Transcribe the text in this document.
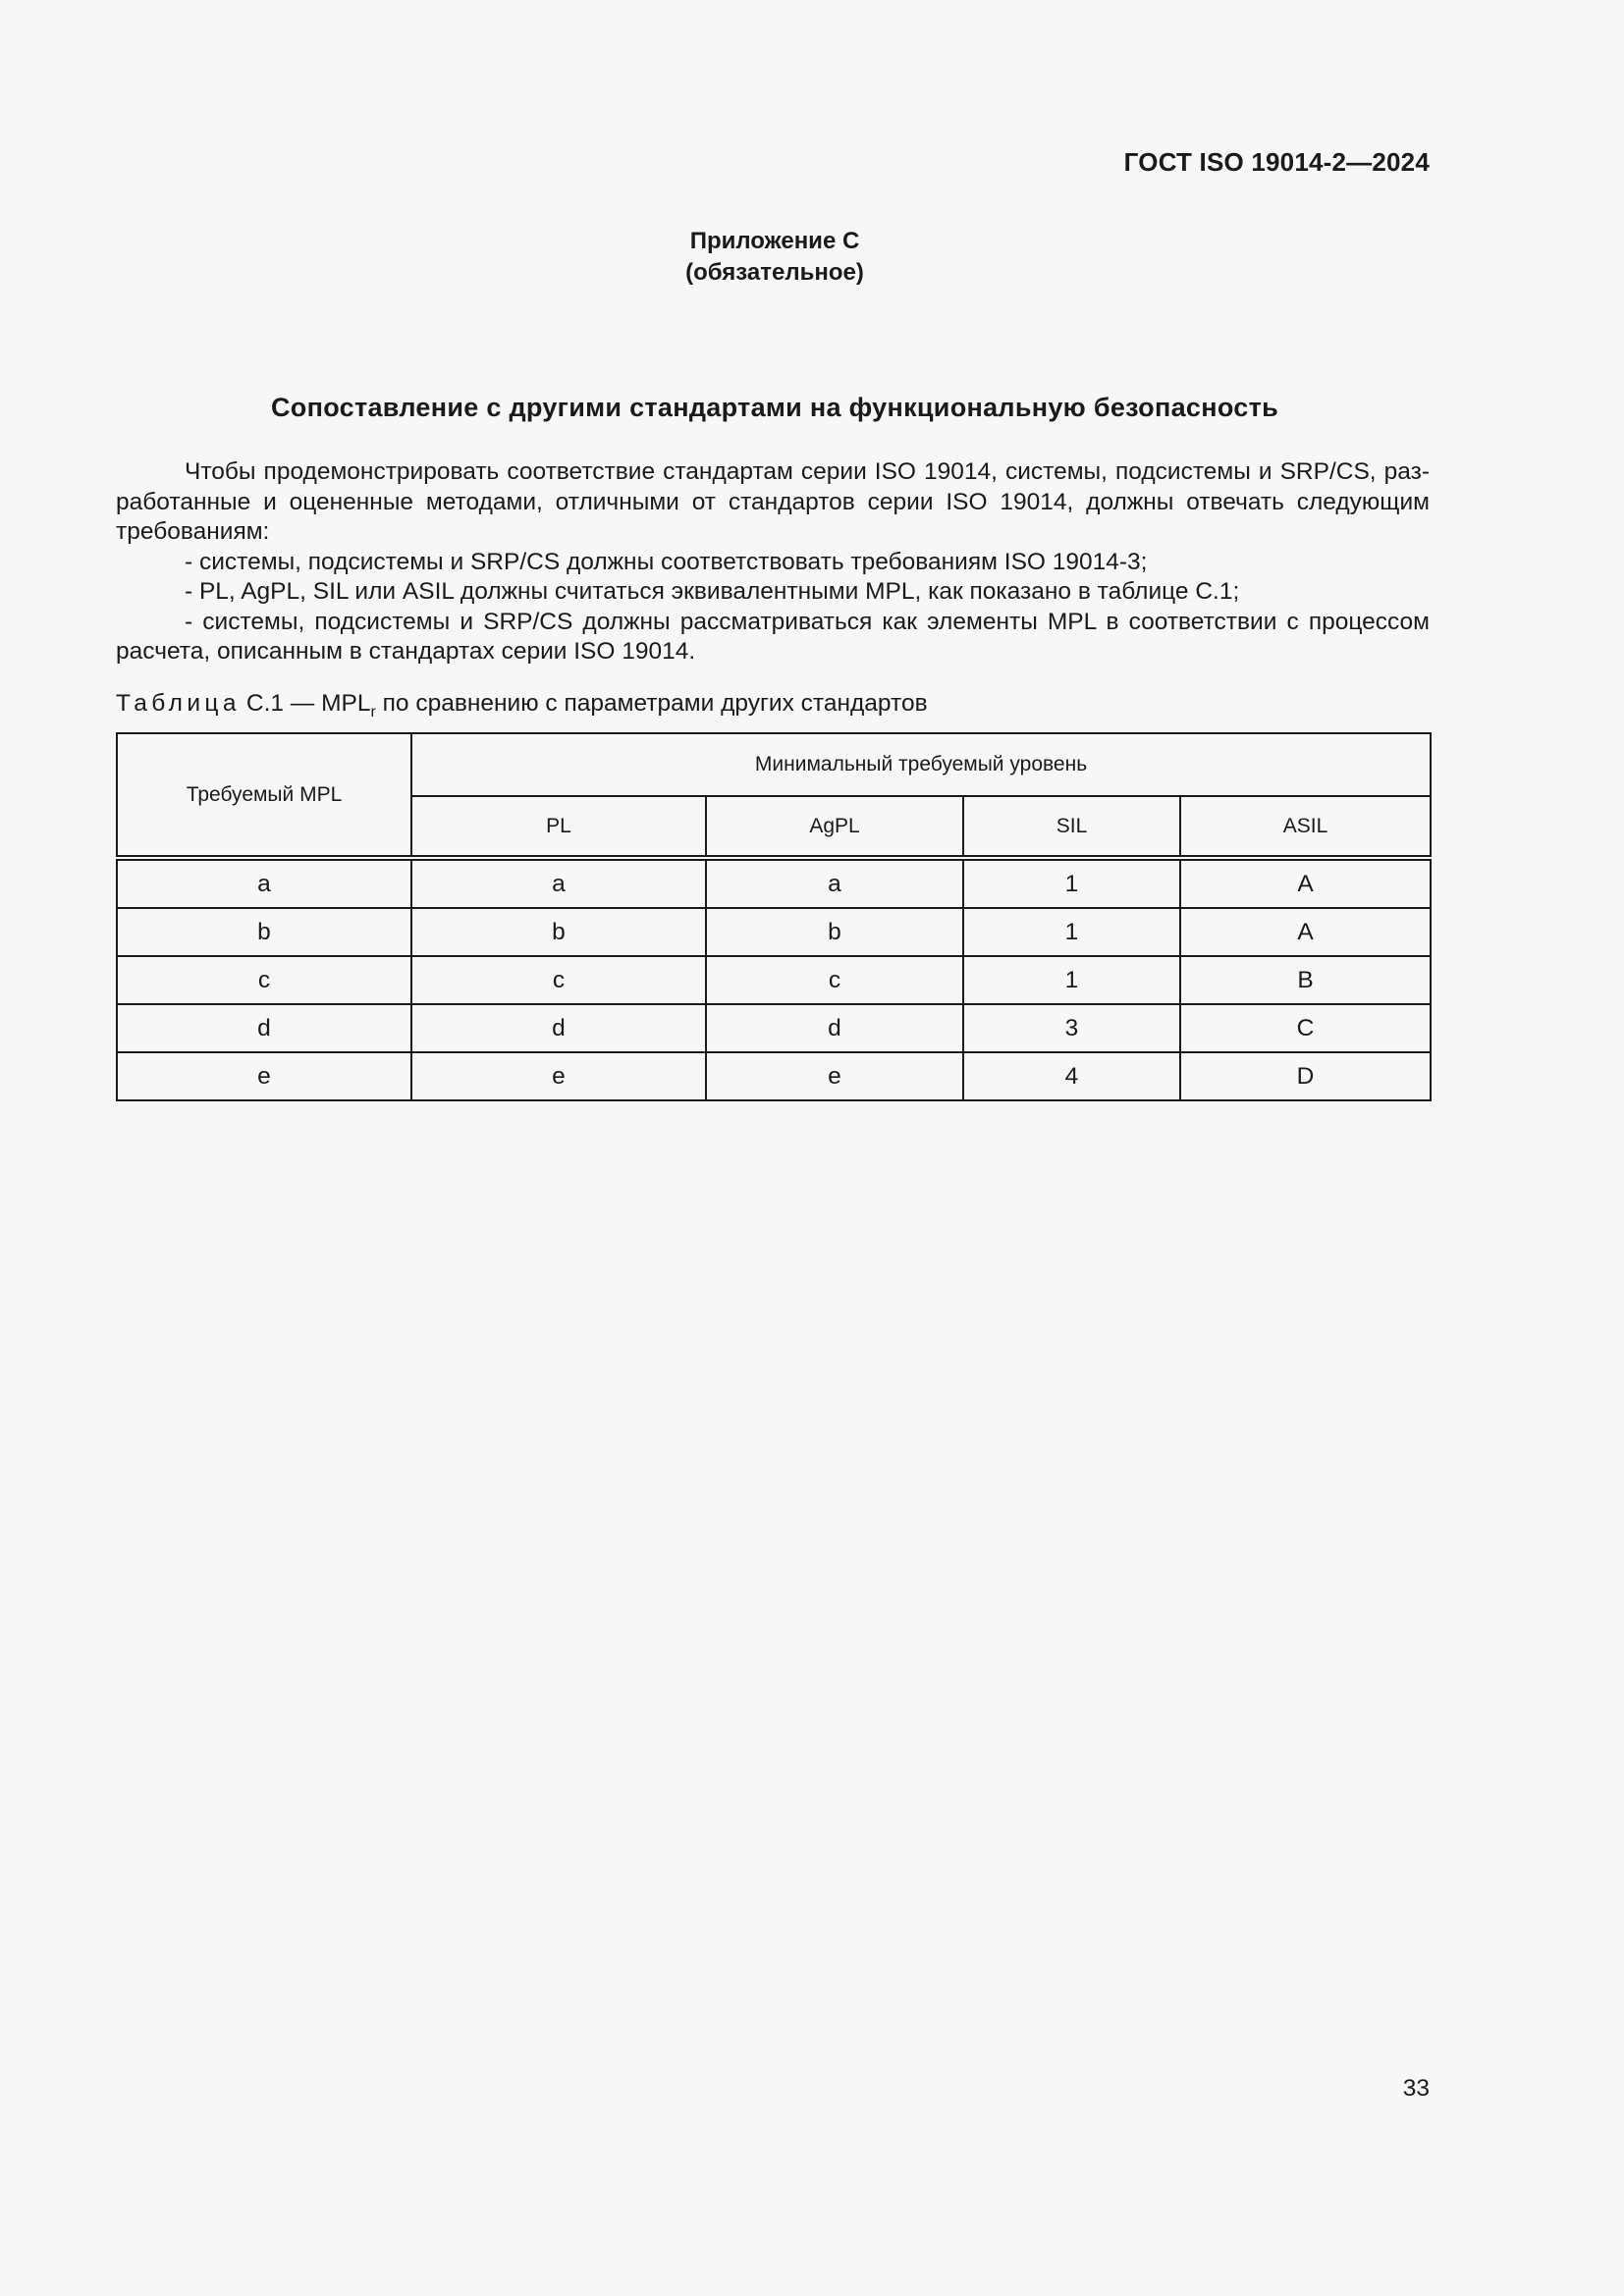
ГОСТ ISO 19014-2—2024
Приложение С
(обязательное)
Сопоставление с другими стандартами на функциональную безопасность

Чтобы продемонстрировать соответствие стандартам серии ISO 19014, системы, подсистемы и SRP/CS, разработанные и оцененные методами, отличными от стандартов серии ISO 19014, должны отвечать следующим требованиям:

- системы, подсистемы и SRP/CS должны соответствовать требованиям ISO 19014-3;
- PL, AgPL, SIL или ASIL должны считаться эквивалентными MPL, как показано в таблице С.1;
- системы, подсистемы и SRP/CS должны рассматриваться как элементы MPL в соответствии с процессом расчета, описанным в стандартах серии ISO 19014.
Таблица С.1 — $MPL_r$ по сравнению с параметрами других стандартов
Требуемый MPL	Минимальный требуемый уровень			
	PL	AgPL	SIL	ASIL
a	a	a	1	A
b	b	b	1	A
c	c	c	1	B
d	d	d	3	C
e	e	e	4	D
33
